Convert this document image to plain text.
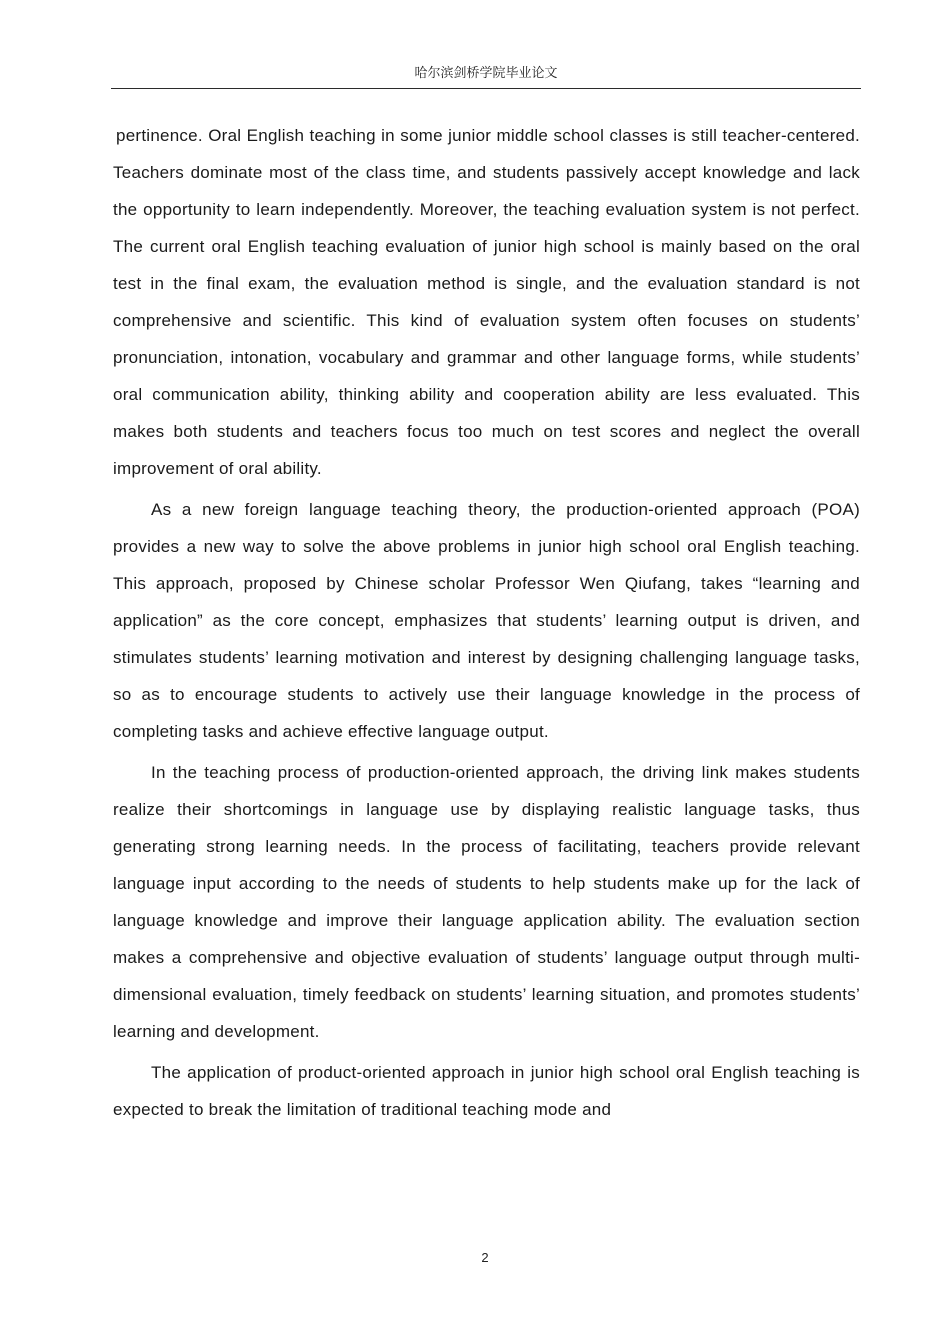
哈尔滨剑桥学院毕业论文

pertinence. Oral English teaching in some junior middle school classes is still teacher-centered. Teachers dominate most of the class time, and students passively accept knowledge and lack the opportunity to learn independently. Moreover, the teaching evaluation system is not perfect. The current oral English teaching evaluation of junior high school is mainly based on the oral test in the final exam, the evaluation method is single, and the evaluation standard is not comprehensive and scientific. This kind of evaluation system often focuses on students’ pronunciation, intonation, vocabulary and grammar and other language forms, while students’ oral communication ability, thinking ability and cooperation ability are less evaluated. This makes both students and teachers focus too much on test scores and neglect the overall improvement of oral ability.

As a new foreign language teaching theory, the production-oriented approach (POA) provides a new way to solve the above problems in junior high school oral English teaching. This approach, proposed by Chinese scholar Professor Wen Qiufang, takes “learning and application” as the core concept, emphasizes that students’ learning output is driven, and stimulates students’ learning motivation and interest by designing challenging language tasks, so as to encourage students to actively use their language knowledge in the process of completing tasks and achieve effective language output.

In the teaching process of production-oriented approach, the driving link makes students realize their shortcomings in language use by displaying realistic language tasks, thus generating strong learning needs. In the process of facilitating, teachers provide relevant language input according to the needs of students to help students make up for the lack of language knowledge and improve their language application ability. The evaluation section makes a comprehensive and objective evaluation of students’ language output through multi-dimensional evaluation, timely feedback on students’ learning situation, and promotes students’ learning and development.

The application of product-oriented approach in junior high school oral English teaching is expected to break the limitation of traditional teaching mode and

2
